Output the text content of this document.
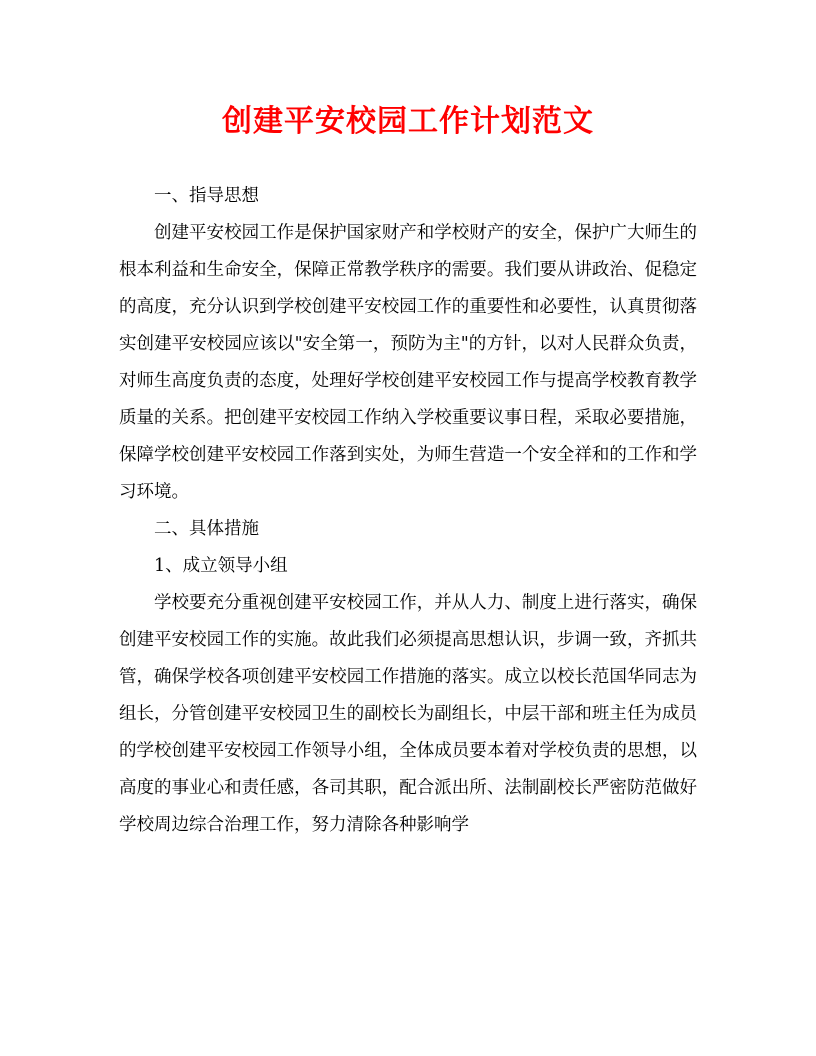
创建平安校园工作计划范文

一、指导思想

创建平安校园工作是保护国家财产和学校财产的安全，保护广大师生的根本利益和生命安全，保障正常教学秩序的需要。我们要从讲政治、促稳定的高度，充分认识到学校创建平安校园工作的重要性和必要性，认真贯彻落实创建平安校园应该以"安全第一，预防为主"的方针，以对人民群众负责，对师生高度负责的态度，处理好学校创建平安校园工作与提高学校教育教学质量的关系。把创建平安校园工作纳入学校重要议事日程，采取必要措施，保障学校创建平安校园工作落到实处，为师生营造一个安全祥和的工作和学习环境。

二、具体措施

1、成立领导小组

学校要充分重视创建平安校园工作，并从人力、制度上进行落实，确保创建平安校园工作的实施。故此我们必须提高思想认识，步调一致，齐抓共管，确保学校各项创建平安校园工作措施的落实。成立以校长范国华同志为组长，分管创建平安校园卫生的副校长为副组长，中层干部和班主任为成员的学校创建平安校园工作领导小组，全体成员要本着对学校负责的思想，以高度的事业心和责任感，各司其职，配合派出所、法制副校长严密防范做好学校周边综合治理工作，努力清除各种影响学
